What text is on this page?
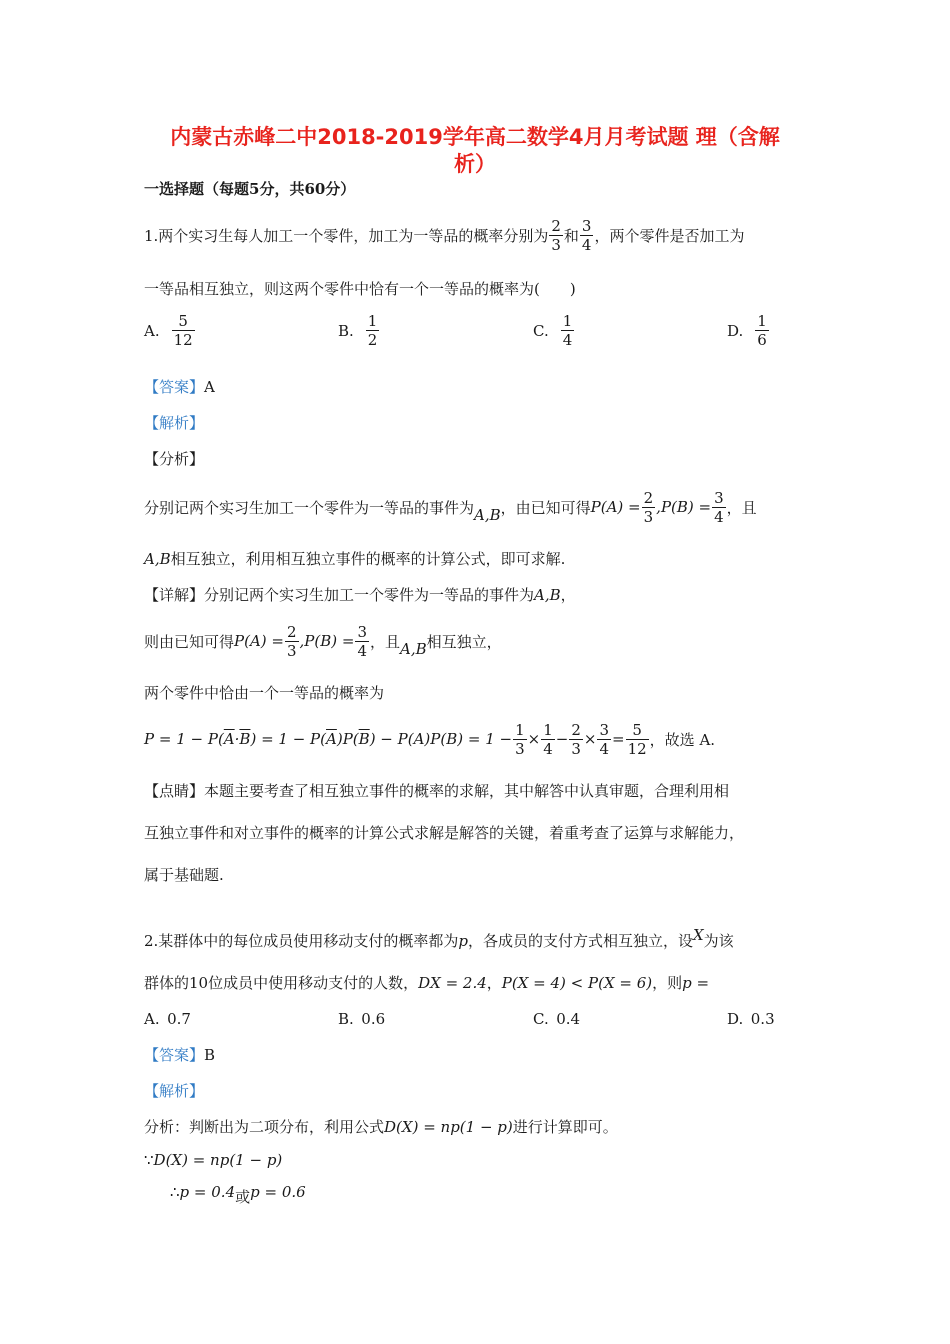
内蒙古赤峰二中2018-2019学年高二数学4月月考试题 理（含解
析）
一选择题（每题5分，共60分）
1.两个实习生每人加工一个零件，加工为一等品的概率分别为 $\frac{2}{3}$ 和 $\frac{3}{4}$ ，两个零件是否加工为
一等品相互独立，则这两个零件中恰有一个一等品的概率为(　　)
A. $\frac{5}{12}$	B. $\frac{1}{2}$	C. $\frac{1}{4}$	D. $\frac{1}{6}$
【答案】A
【解析】
【分析】
分别记两个实习生加工一个零件为一等品的事件为 A,B ，由已知可得 $P(A) = \frac{2}{3} ,P(B) = \frac{3}{4}$ ，且
A,B相互独立，利用相互独立事件的概率的计算公式，即可求解.
【详解】分别记两个实习生加工一个零件为一等品的事件为A,B，
则由已知可得 $P(A) = \frac{2}{3} ,P(B) = \frac{3}{4}$ ，且 A,B 相互独立，
两个零件中恰由一个一等品的概率为
P = 1 − P( $\overline{A} \cdot \overline{B}$ ) = 1 − P( $\overline{A}$ )P( $\overline{B}$ ) − $P(A)P(B) = 1 - \frac{1}{3} \times \frac{1}{4} - \frac{2}{3} \times \frac{3}{4} = \frac{5}{12}$ ，故选 A.
【点睛】本题主要考查了相互独立事件的概率的求解，其中解答中认真审题，合理利用相
互独立事件和对立事件的概率的计算公式求解是解答的关键，着重考查了运算与求解能力，
属于基础题.
2.某群体中的每位成员使用移动支付的概率都为p，各成员的支付方式相互独立，设X为该
群体的10位成员中使用移动支付的人数，DX = 2.4，P(X = 4) < P(X = 6)，则p =
A.  0.7	B.  0.6	C.  0.4	D.  0.3
【答案】B
【解析】
分析：判断出为二项分布，利用公式D(X) = np(1 − p)进行计算即可。
∵D(X) = np(1 − p)
∴p = 0.4或p = 0.6
